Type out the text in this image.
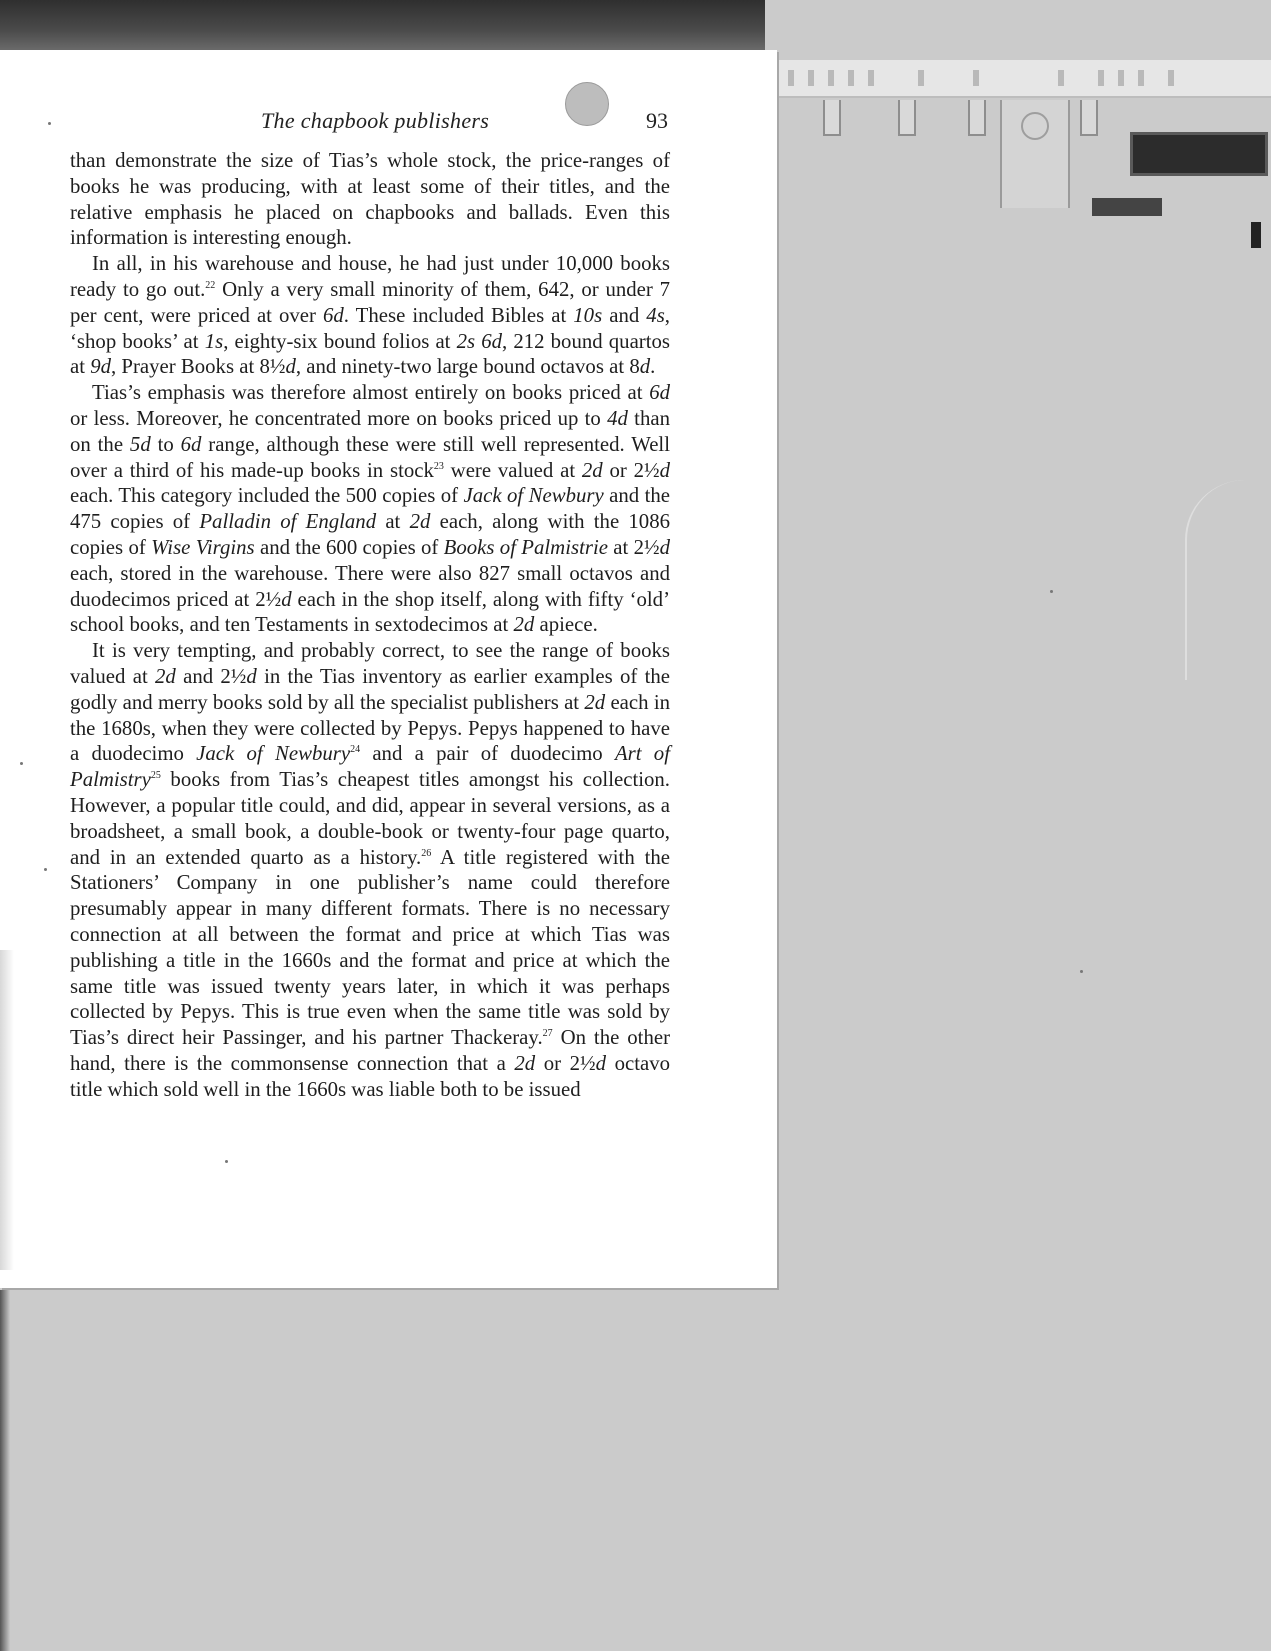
The chapbook publishers	93

than demonstrate the size of Tias’s whole stock, the price-ranges of books he was producing, with at least some of their titles, and the relative emphasis he placed on chapbooks and ballads. Even this information is interesting enough.

In all, in his warehouse and house, he had just under 10,000 books ready to go out.$^{22}$ Only a very small minority of them, 642, or under 7 per cent, were priced at over 6d. These included Bibles at 10s and 4s, ‘shop books’ at 1s, eighty-six bound folios at 2s 6d, 212 bound quartos at 9d, Prayer Books at 8½d, and ninety-two large bound octavos at 8d.

Tias’s emphasis was therefore almost entirely on books priced at 6d or less. Moreover, he concentrated more on books priced up to 4d than on the 5d to 6d range, although these were still well represented. Well over a third of his made-up books in stock$^{23}$ were valued at 2d or 2½d each. This category included the 500 copies of Jack of Newbury and the 475 copies of Palladin of England at 2d each, along with the 1086 copies of Wise Virgins and the 600 copies of Books of Palmistrie at 2½d each, stored in the warehouse. There were also 827 small octavos and duodecimos priced at 2½d each in the shop itself, along with fifty ‘old’ school books, and ten Testaments in sextodecimos at 2d apiece.

It is very tempting, and probably correct, to see the range of books valued at 2d and 2½d in the Tias inventory as earlier examples of the godly and merry books sold by all the specialist publishers at 2d each in the 1680s, when they were collected by Pepys. Pepys happened to have a duodecimo Jack of Newbury$^{24}$ and a pair of duodecimo Art of Palmistry$^{25}$ books from Tias’s cheapest titles amongst his collection. However, a popular title could, and did, appear in several versions, as a broadsheet, a small book, a double-book or twenty-four page quarto, and in an extended quarto as a history.$^{26}$ A title registered with the Stationers’ Company in one publisher’s name could therefore presumably appear in many different formats. There is no necessary connection at all between the format and price at which Tias was publishing a title in the 1660s and the format and price at which the same title was issued twenty years later, in which it was perhaps collected by Pepys. This is true even when the same title was sold by Tias’s direct heir Passinger, and his partner Thackeray.$^{27}$ On the other hand, there is the commonsense connection that a 2d or 2½d octavo title which sold well in the 1660s was liable both to be issued
